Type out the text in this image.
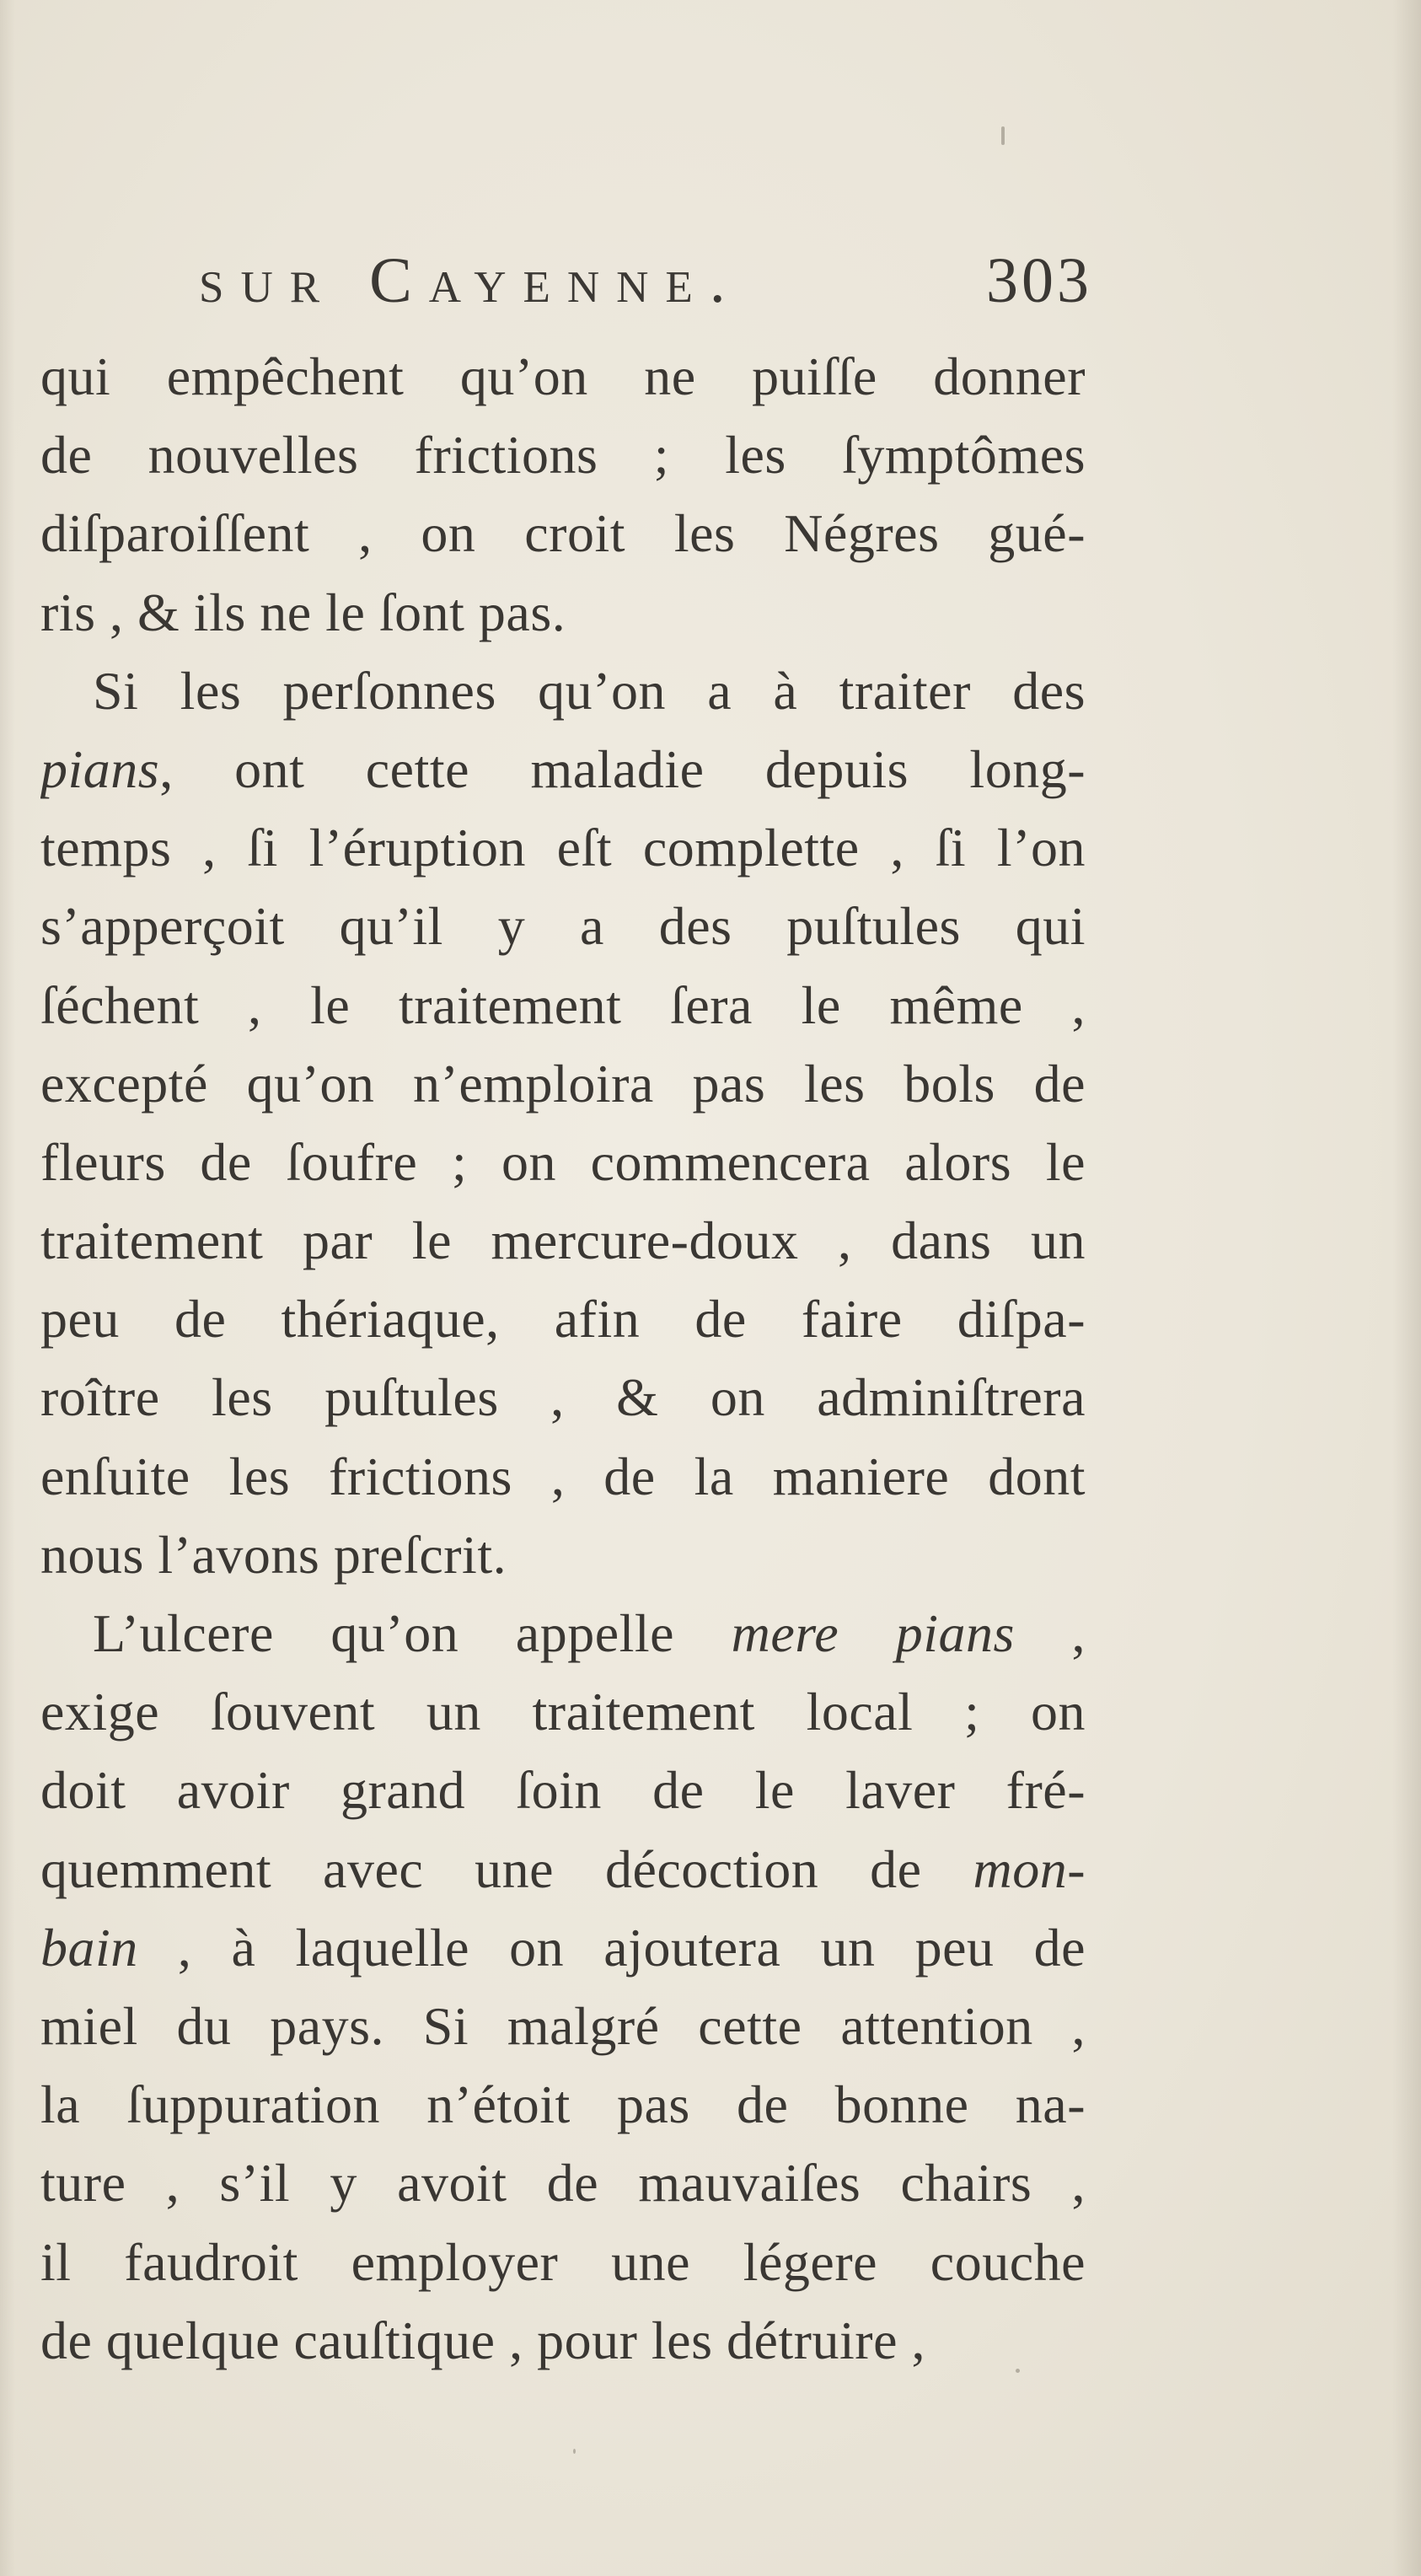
sur Cayenne.	303
qui empêchent qu’on ne puiſſe donner
de nouvelles frictions ; les ſymptômes
diſparoiſſent , on croit les Négres gué-
ris , & ils ne le ſont pas.
Si les perſonnes qu’on a à traiter des
pians, ont cette maladie depuis long-
temps , ſi l’éruption eſt complette , ſi l’on
s’apperçoit qu’il y a des puſtules qui
ſéchent , le traitement ſera le même ,
excepté qu’on n’emploira pas les bols de
fleurs de ſoufre ; on commencera alors le
traitement par le mercure-doux , dans un
peu de thériaque, afin de faire diſpa-
roître les puſtules , & on adminiſtrera
enſuite les frictions , de la maniere dont
nous l’avons preſcrit.
L’ulcere qu’on appelle mere pians ,
exige ſouvent un traitement local ; on
doit avoir grand ſoin de le laver fré-
quemment avec une décoction de mon-
bain , à laquelle on ajoutera un peu de
miel du pays. Si malgré cette attention ,
la ſuppuration n’étoit pas de bonne na-
ture , s’il y avoit de mauvaiſes chairs ,
il faudroit employer une légere couche
de quelque cauſtique , pour les détruire ,
